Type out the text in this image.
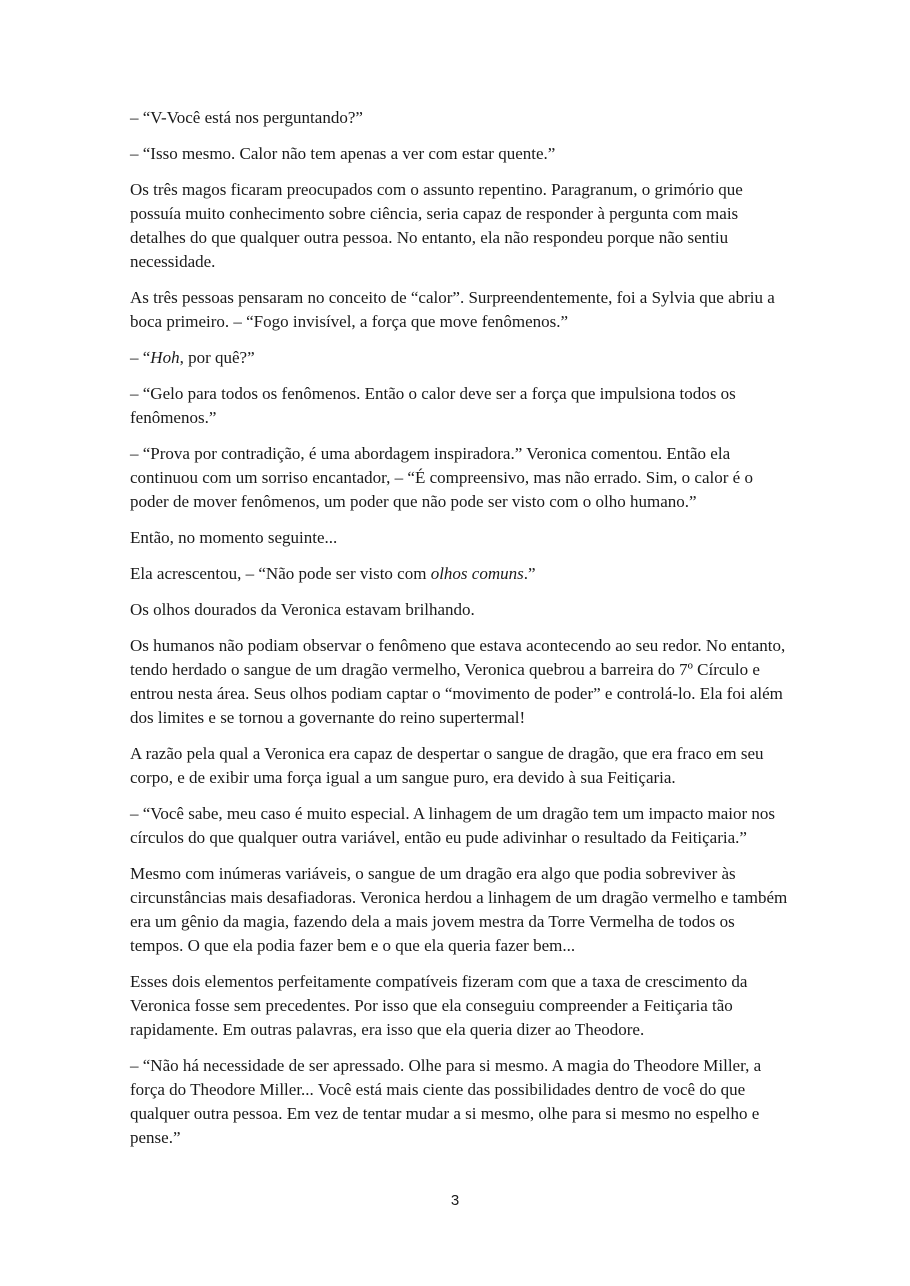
– “V-Você está nos perguntando?”

– “Isso mesmo. Calor não tem apenas a ver com estar quente.”

Os três magos ficaram preocupados com o assunto repentino. Paragranum, o grimório que possuía muito conhecimento sobre ciência, seria capaz de responder à pergunta com mais detalhes do que qualquer outra pessoa. No entanto, ela não respondeu porque não sentiu necessidade.

As três pessoas pensaram no conceito de “calor”. Surpreendentemente, foi a Sylvia que abriu a boca primeiro. – “Fogo invisível, a força que move fenômenos.”

– “Hoh, por quê?”

– “Gelo para todos os fenômenos. Então o calor deve ser a força que impulsiona todos os fenômenos.”

– “Prova por contradição, é uma abordagem inspiradora.” Veronica comentou. Então ela continuou com um sorriso encantador, – “É compreensivo, mas não errado. Sim, o calor é o poder de mover fenômenos, um poder que não pode ser visto com o olho humano.”

Então, no momento seguinte...

Ela acrescentou, – “Não pode ser visto com olhos comuns.”

Os olhos dourados da Veronica estavam brilhando.

Os humanos não podiam observar o fenômeno que estava acontecendo ao seu redor. No entanto, tendo herdado o sangue de um dragão vermelho, Veronica quebrou a barreira do 7º Círculo e entrou nesta área. Seus olhos podiam captar o “movimento de poder” e controlá-lo. Ela foi além dos limites e se tornou a governante do reino supertermal!

A razão pela qual a Veronica era capaz de despertar o sangue de dragão, que era fraco em seu corpo, e de exibir uma força igual a um sangue puro, era devido à sua Feitiçaria.

– “Você sabe, meu caso é muito especial. A linhagem de um dragão tem um impacto maior nos círculos do que qualquer outra variável, então eu pude adivinhar o resultado da Feitiçaria.”

Mesmo com inúmeras variáveis, o sangue de um dragão era algo que podia sobreviver às circunstâncias mais desafiadoras. Veronica herdou a linhagem de um dragão vermelho e também era um gênio da magia, fazendo dela a mais jovem mestra da Torre Vermelha de todos os tempos. O que ela podia fazer bem e o que ela queria fazer bem...

Esses dois elementos perfeitamente compatíveis fizeram com que a taxa de crescimento da Veronica fosse sem precedentes. Por isso que ela conseguiu compreender a Feitiçaria tão rapidamente. Em outras palavras, era isso que ela queria dizer ao Theodore.

– “Não há necessidade de ser apressado. Olhe para si mesmo. A magia do Theodore Miller, a força do Theodore Miller... Você está mais ciente das possibilidades dentro de você do que qualquer outra pessoa. Em vez de tentar mudar a si mesmo, olhe para si mesmo no espelho e pense.”

3
